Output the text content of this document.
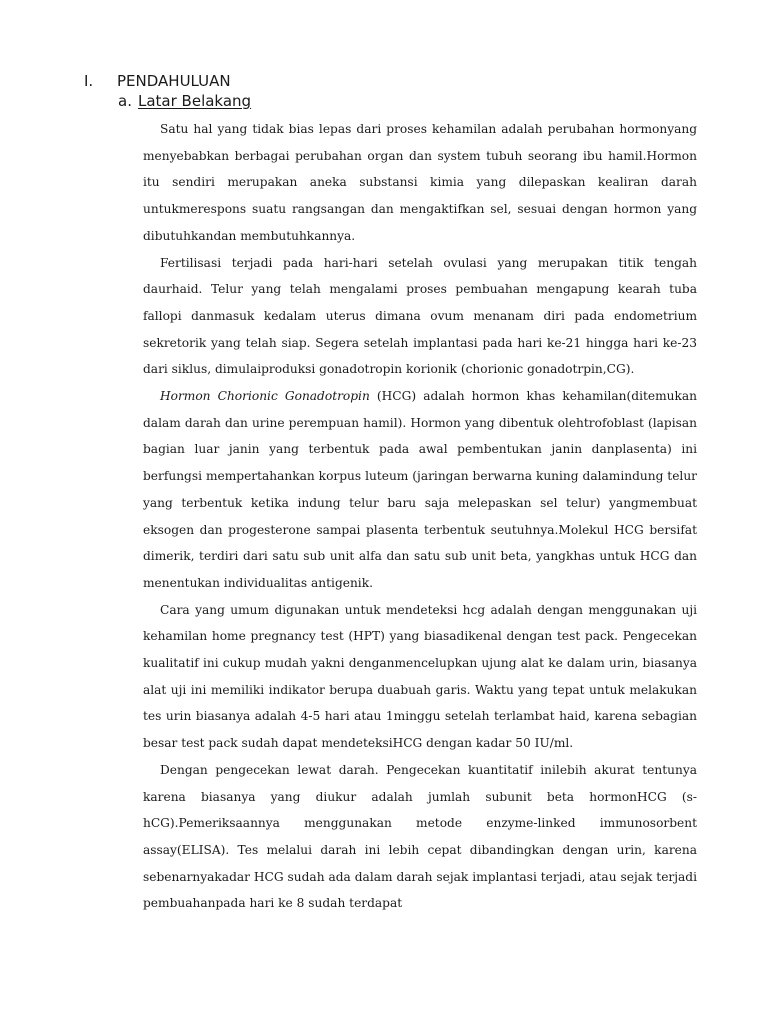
I. PENDAHULUAN
a. Latar Belakang

Satu hal yang tidak bias lepas dari proses kehamilan adalah perubahan hormonyang menyebabkan berbagai perubahan organ dan system tubuh seorang ibu hamil.Hormon itu sendiri merupakan aneka substansi kimia yang dilepaskan kealiran darah untukmerespons suatu rangsangan dan mengaktifkan sel, sesuai dengan hormon yang dibutuhkandan membutuhkannya.

Fertilisasi terjadi pada hari-hari setelah ovulasi yang merupakan titik tengah daurhaid. Telur yang telah mengalami proses pembuahan mengapung kearah tuba fallopi danmasuk kedalam uterus dimana ovum menanam diri pada endometrium sekretorik yang telah siap. Segera setelah implantasi pada hari ke-21 hingga hari ke-23 dari siklus, dimulaiproduksi gonadotropin korionik (chorionic gonadotrpin,CG).

Hormon Chorionic Gonadotropin (HCG) adalah hormon khas kehamilan(ditemukan dalam darah dan urine perempuan hamil). Hormon yang dibentuk olehtrofoblast (lapisan bagian luar janin yang terbentuk pada awal pembentukan janin danplasenta) ini berfungsi mempertahankan korpus luteum (jaringan berwarna kuning dalamindung telur yang terbentuk ketika indung telur baru saja melepaskan sel telur) yangmembuat eksogen dan progesterone sampai plasenta terbentuk seutuhnya.Molekul HCG bersifat dimerik, terdiri dari satu sub unit alfa dan satu sub unit beta, yangkhas untuk HCG dan menentukan individualitas antigenik.

Cara yang umum digunakan untuk mendeteksi hcg adalah dengan menggunakan uji kehamilan home pregnancy test (HPT) yang biasadikenal dengan test pack. Pengecekan kualitatif ini cukup mudah yakni denganmencelupkan ujung alat ke dalam urin, biasanya alat uji ini memiliki indikator berupa duabuah garis. Waktu yang tepat untuk melakukan tes urin biasanya adalah 4-5 hari atau 1minggu setelah terlambat haid, karena sebagian besar test pack sudah dapat mendeteksiHCG dengan kadar 50 IU/ml.

Dengan pengecekan lewat darah. Pengecekan kuantitatif inilebih akurat tentunya karena biasanya yang diukur adalah jumlah subunit beta hormonHCG (s-hCG).Pemeriksaannya menggunakan metode enzyme-linked immunosorbent assay(ELISA). Tes melalui darah ini lebih cepat dibandingkan dengan urin, karena sebenarnyakadar HCG sudah ada dalam darah sejak implantasi terjadi, atau sejak terjadi pembuahanpada hari ke 8 sudah terdapat
